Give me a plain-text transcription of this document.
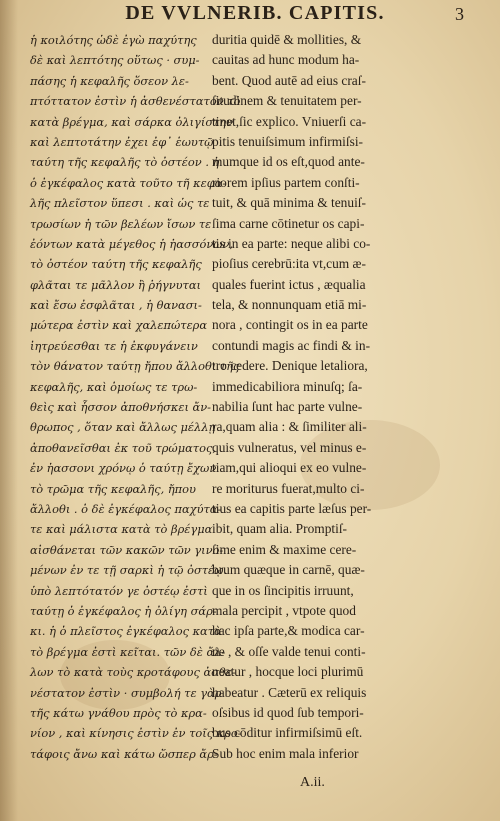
DE VVLNERIB. CAPITIS.	3
ἡ κοιλότης ὡδὲ ἐγὼ παχύτης
δὲ καὶ λεπτότης οὕτως · συμ-
πάσης ἡ κεφαλῆς ὅσεον λε-
πτόττατον ἐστὶν ἡ ἀσθενέστατον τὸ
κατὰ βρέγμα, καὶ σάρκα ὀλιγίστην
καὶ λεπτοτάτην ἐχει ἐφ᾽ ἑωυτῷ
ταύτη τῆς κεφαλῆς τὸ ὀστέον . ἡ
ὁ ἐγκέφαλος κατὰ τοῦτο τῆ κεφα-
λῆς πλεῖστον ὕπεσι . καὶ ὡς τε
τρωσίων ἡ τῶν βελέων ἴσων τε
ἐόντων κατὰ μέγεθος ἡ ἡασσόνων,
τὸ ὀστέον ταύτη τῆς κεφαλῆς
φλᾶται τε μᾶλλον ἢ ῥήγνυται
καὶ ἔσω ἐσφλᾶται , ἡ θανασι-
μώτερα ἐστὶν καὶ χαλεπώτερα
ἰητρεύεσθαι τε ἡ ἐκφυγάνειν
τὸν θάνατον ταύτῃ ἤπου ἄλλοθι τῆς
κεφαλῆς, καὶ ὁμοίως τε τρω-
θεὶς καὶ ἧσσον ἀποθνήσκει ἄν-
θρωπος , ὅταν καὶ ἄλλως μέλλῃ
ἀποθανεῖσθαι ἐκ τοῦ τρώματος,
ἐν ἡασσονι χρόνῳ ὁ ταύτῃ ἔχων
τὸ τρῶμα τῆς κεφαλῆς, ἤπου
ἄλλοθι . ὁ δὲ ἐγκέφαλος παχύτα-
τε καὶ μάλιστα κατὰ τὸ βρέγμα
αἰσθάνεται τῶν κακῶν τῶν γινο-
μένων ἐν τε τῇ σαρκὶ ἡ τῷ ὀστέῳ.
ὑπὸ λεπτότατόν γε ὀστέῳ ἐστὶ
ταύτῃ ὁ ἐγκέφαλος ἡ ὀλίγη σάρ-
κι. ἡ ὁ πλεῖστος ἐγκέφαλος κατὰ
τὸ βρέγμα ἐστὶ κεῖται. τῶν δὲ ἄλ-
λων τὸ κατὰ τοὺς κροτάφους ἀσθε-
νέστατον ἐστὶν · συμβολή τε γὰρ
τῆς κάτω γνάθου πρὸς τὸ κρα-
νίον , καὶ κίνησις ἐστὶν ἐν τοῖς κρο-
τάφοις ἄνω καὶ κάτω ὥσπερ ἄρ-
duritia quidē & mollities, &
cauitas ad hunc modum ha-
bent. Quod autē ad eius craſ-
ſitudinem & tenuitatem per-
tinet,ſic explico. Vniuerſi ca-
pitis tenuiſsimum infirmiſsi-
mumque id os eſt,quod ante-
riorem ipſius partem conſti-
tuit, & quā minima & tenuiſ-
ſima carne cōtinetur os capi-
tis in ea parte: neque alibi co-
pioſius cerebrū:ita vt,cum æ-
quales fuerint ictus , æqualia
tela, & nonnunquam etiā mi-
nora , contingit os in ea parte
contundi magis ac findi & in-
tro cedere. Denique letaliora,
immedicabiliora minuſq; ſa-
nabilia ſunt hac parte vulne-
ra,quam alia : & ſimiliter ali-
quis vulneratus, vel minus e-
tiam,qui alioqui ex eo vulne-
re moriturus fuerat,multo ci-
tius ea capitis parte læſus per-
ibit, quam alia. Promptiſ-
ſime enim & maxime cere-
brum quæque in carnē, quæ-
que in os ſincipitis irruunt,
mala percipit , vtpote quod
hac ipſa parte,& modica car-
ne , & oſſe valde tenui conti-
neatur , hocque loci plurimū
habeatur . Cæterū ex reliquis
oſsibus id quod ſub tempori-
bus cōditur infirmiſsimū eſt.
Sub hoc enim mala inferior
A.ii.
